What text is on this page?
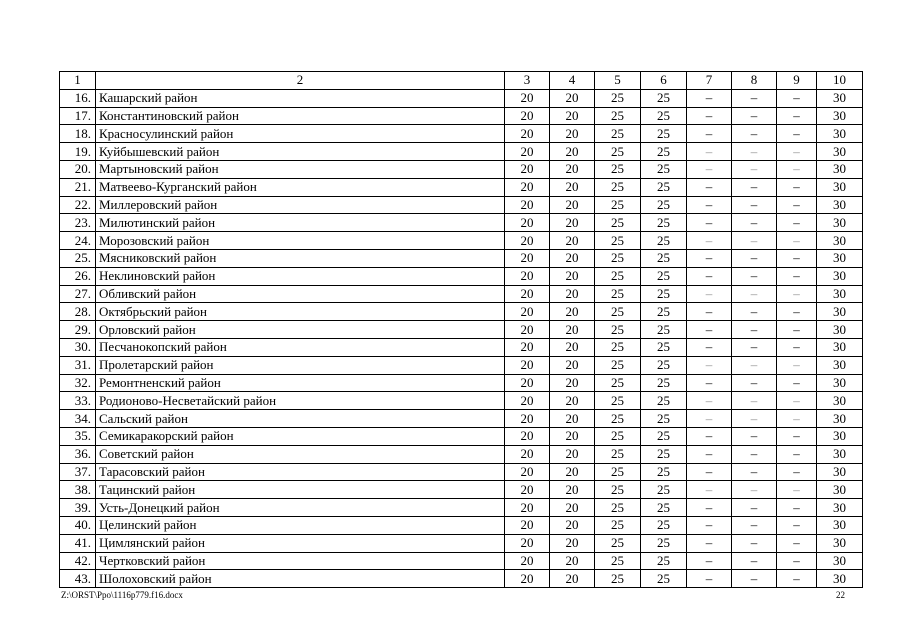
1	2	3	4	5	6	7	8	9	10
16.	Кашарский район	20	20	25	25	–	–	–	30
17.	Константиновский район	20	20	25	25	–	–	–	30
18.	Красносулинский район	20	20	25	25	–	–	–	30
19.	Куйбышевский район	20	20	25	25	–	–	–	30
20.	Мартыновский район	20	20	25	25	–	–	–	30
21.	Матвеево-Курганский район	20	20	25	25	–	–	–	30
22.	Миллеровский район	20	20	25	25	–	–	–	30
23.	Милютинский район	20	20	25	25	–	–	–	30
24.	Морозовский район	20	20	25	25	–	–	–	30
25.	Мясниковский район	20	20	25	25	–	–	–	30
26.	Неклиновский район	20	20	25	25	–	–	–	30
27.	Обливский район	20	20	25	25	–	–	–	30
28.	Октябрьский район	20	20	25	25	–	–	–	30
29.	Орловский район	20	20	25	25	–	–	–	30
30.	Песчанокопский район	20	20	25	25	–	–	–	30
31.	Пролетарский район	20	20	25	25	–	–	–	30
32.	Ремонтненский район	20	20	25	25	–	–	–	30
33.	Родионово-Несветайский район	20	20	25	25	–	–	–	30
34.	Сальский район	20	20	25	25	–	–	–	30
35.	Семикаракорский район	20	20	25	25	–	–	–	30
36.	Советский район	20	20	25	25	–	–	–	30
37.	Тарасовский район	20	20	25	25	–	–	–	30
38.	Тацинский район	20	20	25	25	–	–	–	30
39.	Усть-Донецкий район	20	20	25	25	–	–	–	30
40.	Целинский район	20	20	25	25	–	–	–	30
41.	Цимлянский район	20	20	25	25	–	–	–	30
42.	Чертковский район	20	20	25	25	–	–	–	30
43.	Шолоховский район	20	20	25	25	–	–	–	30
Z:\ORST\Ppo\1116p779.f16.docx	22
